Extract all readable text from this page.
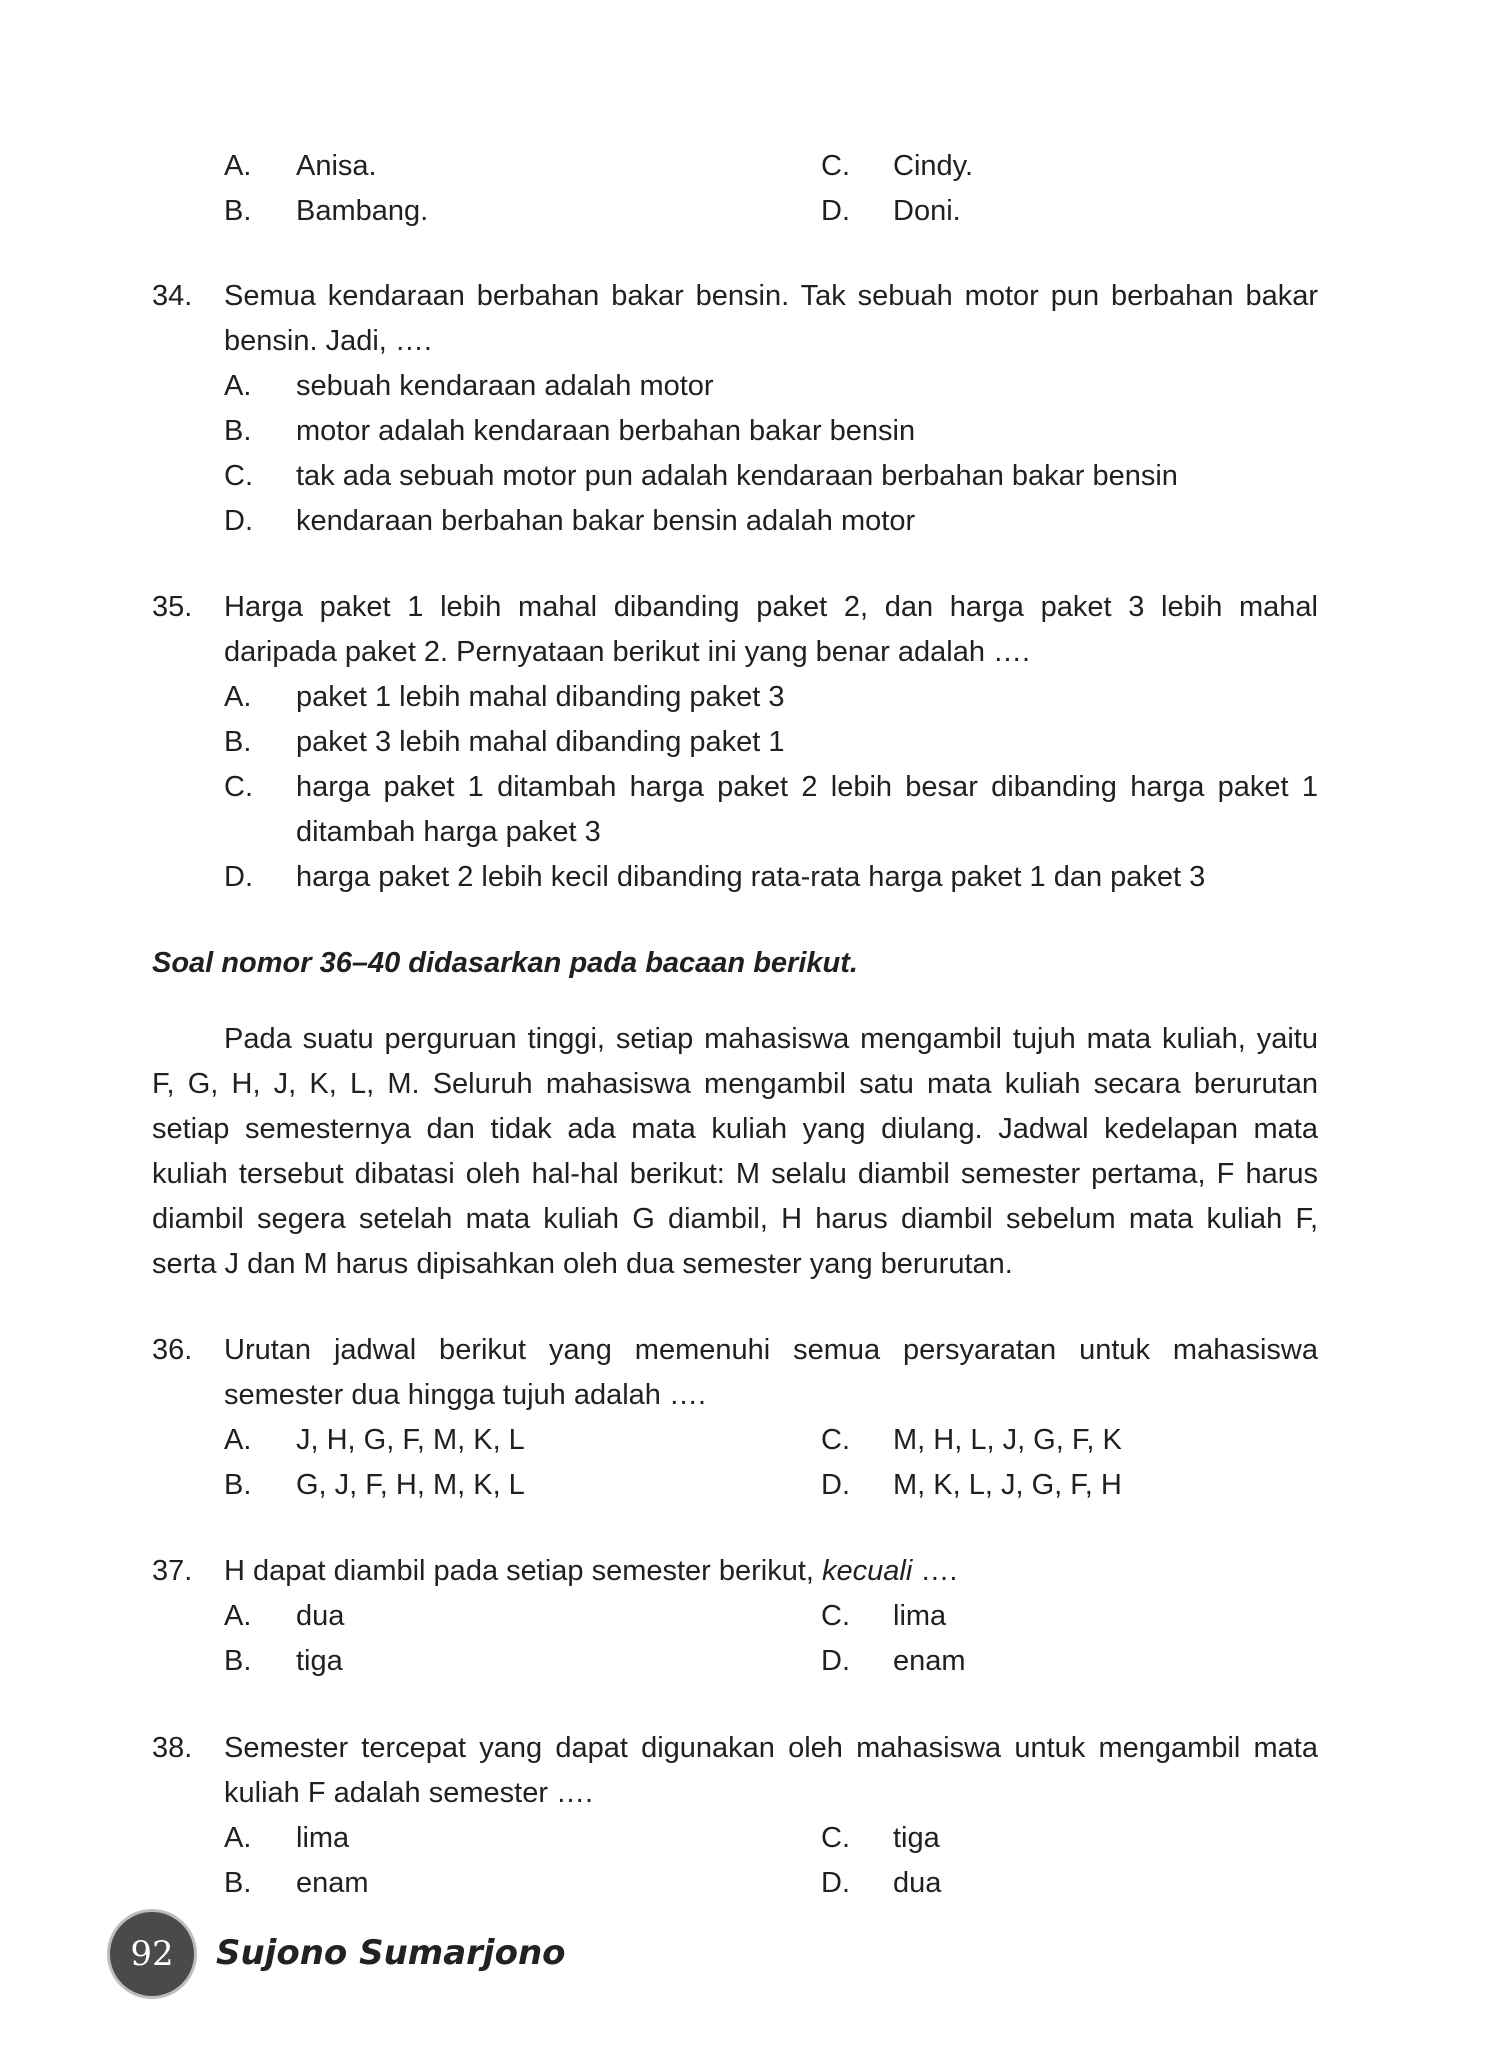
A. Anisa.	C. Cindy.
B. Bambang.	D. Doni.
34. Semua kendaraan berbahan bakar bensin. Tak sebuah motor pun berbahan bakar bensin. Jadi, ….
A.	sebuah kendaraan adalah motor
B.	motor adalah kendaraan berbahan bakar bensin
C.	tak ada sebuah motor pun adalah kendaraan berbahan bakar bensin
D.	kendaraan berbahan bakar bensin adalah motor
35. Harga paket 1 lebih mahal dibanding paket 2, dan harga paket 3 lebih mahal daripada paket 2. Pernyataan berikut ini yang benar adalah ….
A.	paket 1 lebih mahal dibanding paket 3
B.	paket 3 lebih mahal dibanding paket 1
C.	harga paket 1 ditambah harga paket 2 lebih besar dibanding harga paket 1 ditambah harga paket 3
D.	harga paket 2 lebih kecil dibanding rata-rata harga paket 1 dan paket 3
Soal nomor 36–40 didasarkan pada bacaan berikut.
Pada suatu perguruan tinggi, setiap mahasiswa mengambil tujuh mata kuliah, yaitu F, G, H, J, K, L, M. Seluruh mahasiswa mengambil satu mata kuliah secara berurutan setiap semesternya dan tidak ada mata kuliah yang diulang. Jadwal kedelapan mata kuliah tersebut dibatasi oleh hal-hal berikut: M selalu diambil semester pertama, F harus diambil segera setelah mata kuliah G diambil, H harus diambil sebelum mata kuliah F, serta J dan M harus dipisahkan oleh dua semester yang berurutan.
36. Urutan jadwal berikut yang memenuhi semua persyaratan untuk mahasiswa semester dua hingga tujuh adalah ….
A. J, H, G, F, M, K, L	C. M, H, L, J, G, F, K
B. G, J, F, H, M, K, L	D. M, K, L, J, G, F, H
37. H dapat diambil pada setiap semester berikut, kecuali ….
A. dua	C. lima
B. tiga	D. enam
38. Semester tercepat yang dapat digunakan oleh mahasiswa untuk mengambil mata kuliah F adalah semester ….
A. lima	C. tiga
B. enam	D. dua
92 Sujono Sumarjono
